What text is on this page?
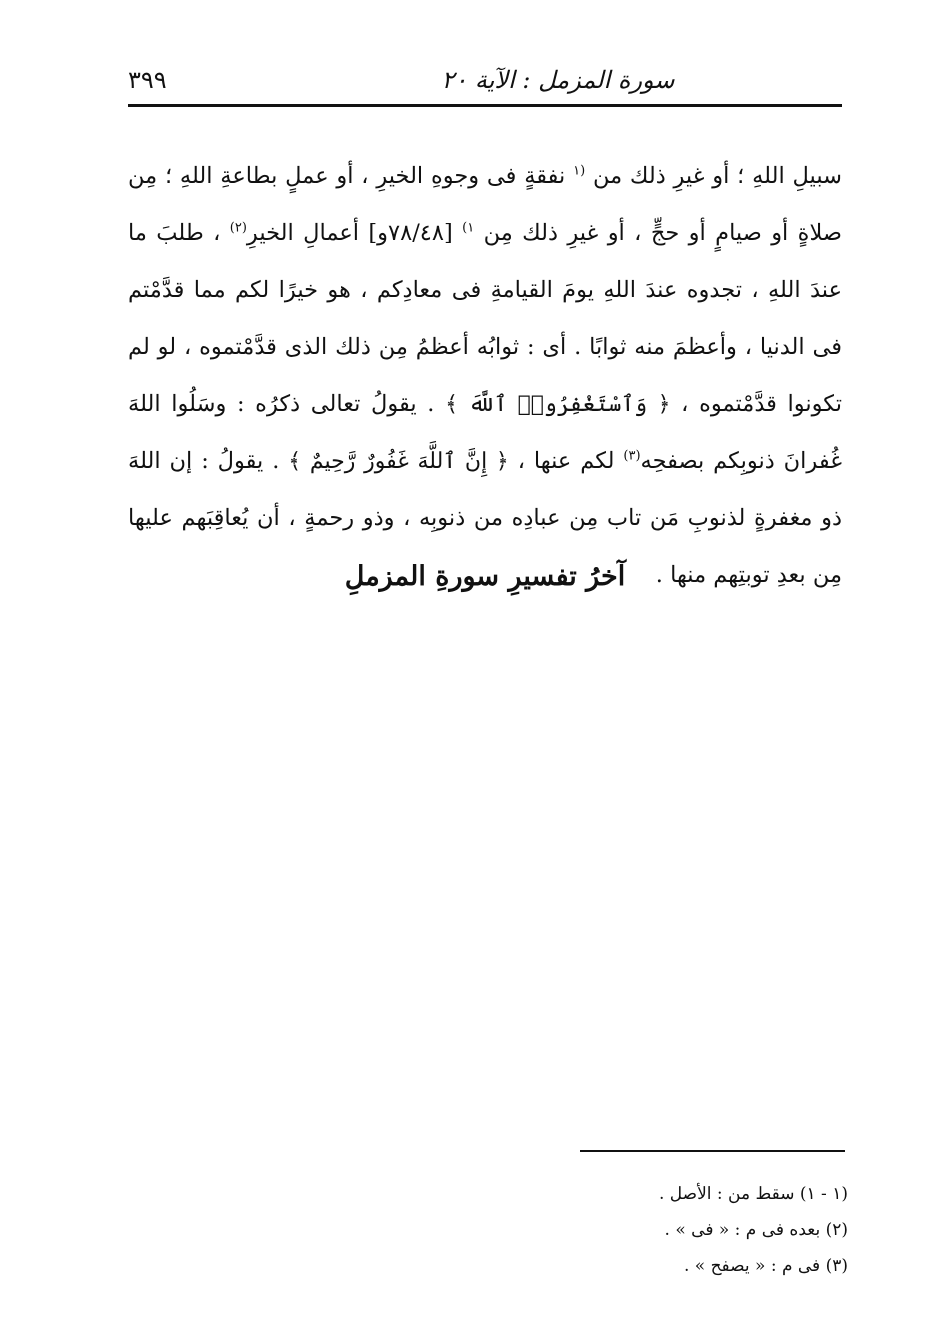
٣٩٩	سورة المزمل : الآية ٢٠

سبيلِ اللهِ ؛ أو غيرِ ذلك من $^{(١}$ نفقةٍ فى وجوهِ الخيرِ ، أو عملٍ بطاعةِ اللهِ ؛ مِن صلاةٍ أو صيامٍ أو حجٍّ ، أو غيرِ ذلك مِن $^{١)}$ [٧٨/٤٨و] أعمالِ الخيرِ$^{(٢)}$ ، طلبَ ما عندَ اللهِ ، تجدوه عندَ اللهِ يومَ القيامةِ فى معادِكم ، هو خيرًا لكم مما قدَّمْتم فى الدنيا ، وأعظمَ منه ثوابًا . أى : ثوابُه أعظمُ مِن ذلك الذى قدَّمْتموه ، لو لم تكونوا قدَّمْتموه ، ﴿ وَٱسْتَغْفِرُوا۟ ٱللَّهَ ﴾ . يقولُ تعالى ذكرُه : وسَلُوا اللهَ غُفرانَ ذنوبِكم بصفحِه$^{(٣)}$ لكم عنها ، ﴿ إِنَّ ٱللَّهَ غَفُورٌ رَّحِيمٌ ﴾ . يقولُ : إن اللهَ ذو مغفرةٍ لذنوبِ مَن تاب مِن عبادِه من ذنوبِه ، وذو رحمةٍ ، أن يُعاقِبَهم عليها مِن بعدِ توبتِهم منها .

آخرُ تفسيرِ سورةِ المزملِ
(١ - ١) سقط من : الأصل .
(٢) بعده فى م : « فى » .
(٣) فى م : « يصفح » .
